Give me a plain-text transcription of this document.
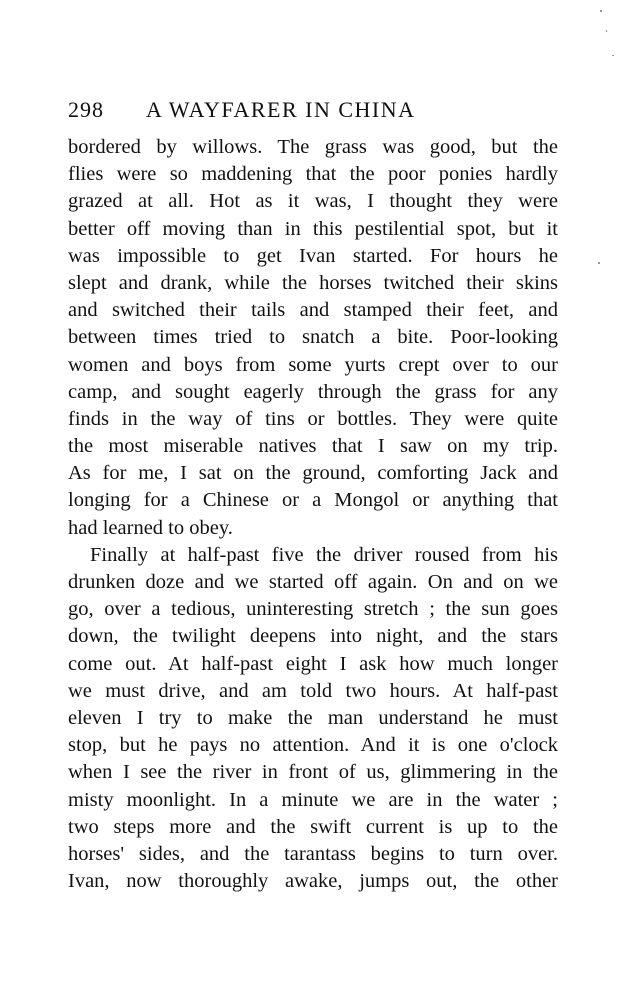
298 A WAYFARER IN CHINA
bordered by willows. The grass was good, but the
flies were so maddening that the poor ponies hardly
grazed at all. Hot as it was, I thought they were
better off moving than in this pestilential spot, but it
was impossible to get Ivan started. For hours he
slept and drank, while the horses twitched their skins
and switched their tails and stamped their feet, and
between times tried to snatch a bite. Poor-looking
women and boys from some yurts crept over to our
camp, and sought eagerly through the grass for any
finds in the way of tins or bottles. They were quite
the most miserable natives that I saw on my trip.
As for me, I sat on the ground, comforting Jack and
longing for a Chinese or a Mongol or anything that
had learned to obey.
Finally at half-past five the driver roused from his
drunken doze and we started off again. On and on we
go, over a tedious, uninteresting stretch ; the sun goes
down, the twilight deepens into night, and the stars
come out. At half-past eight I ask how much longer
we must drive, and am told two hours. At half-past
eleven I try to make the man understand he must
stop, but he pays no attention. And it is one o'clock
when I see the river in front of us, glimmering in the
misty moonlight. In a minute we are in the water ;
two steps more and the swift current is up to the
horses' sides, and the tarantass begins to turn over.
Ivan, now thoroughly awake, jumps out, the other
